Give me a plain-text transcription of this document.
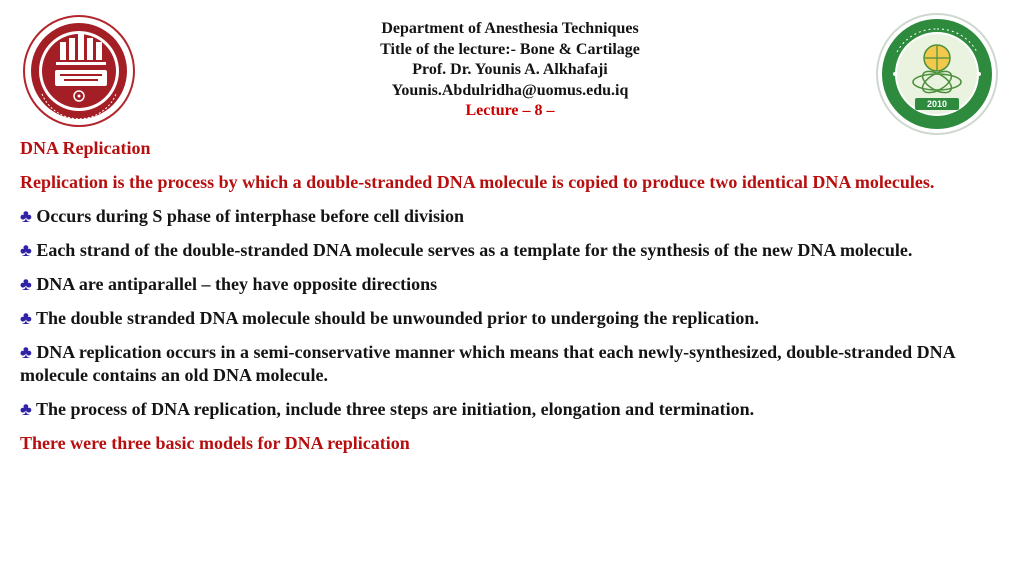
Department of Anesthesia Techniques
Title of the lecture:- Bone & Cartilage
Prof. Dr. Younis A. Alkhafaji
Younis.Abdulridha@uomus.edu.iq
Lecture – 8 –	2010

DNA Replication

Replication is the process by which a double-stranded DNA molecule is copied to produce two identical DNA molecules.

♣ Occurs during S phase of interphase before cell division

♣ Each strand of the double-stranded DNA molecule serves as a template for the synthesis of the new DNA molecule.

♣ DNA are antiparallel – they have opposite directions

♣ The double stranded DNA molecule should be unwounded prior to undergoing the replication.

♣ DNA replication occurs in a semi-conservative manner which means that each newly-synthesized, double-stranded DNA molecule contains an old DNA molecule.

♣ The process of DNA replication, include three steps are initiation, elongation and termination.

There were three basic models for DNA replication
